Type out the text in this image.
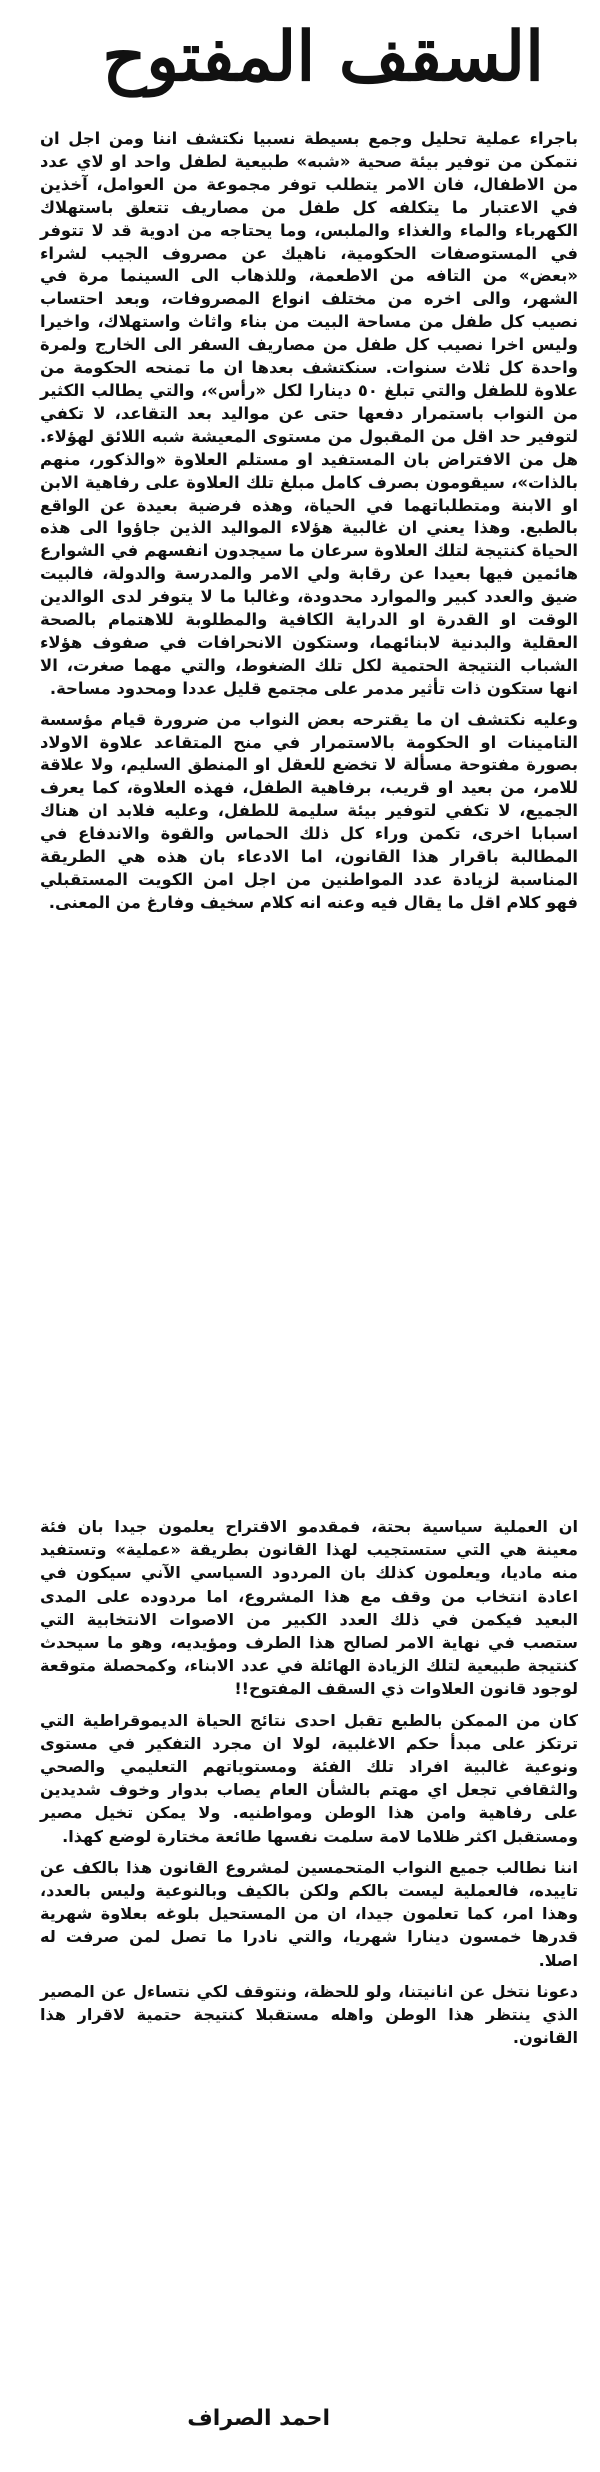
السقف المفتوح

باجراء عملية تحليل وجمع بسيطة نسبيا نكتشف اننا ومن اجل ان نتمكن من توفير بيئة صحية «شبه» طبيعية لطفل واحد او لاي عدد من الاطفال، فان الامر يتطلب توفر مجموعة من العوامل، آخذين في الاعتبار ما يتكلفه كل طفل من مصاريف تتعلق باستهلاك الكهرباء والماء والغذاء والملبس، وما يحتاجه من ادوية قد لا تتوفر في المستوصفات الحكومية، ناهيك عن مصروف الجيب لشراء «بعض» من التافه من الاطعمة، وللذهاب الى السينما مرة في الشهر، والى اخره من مختلف انواع المصروفات، وبعد احتساب نصيب كل طفل من مساحة البيت من بناء واثاث واستهلاك، واخيرا وليس اخرا نصيب كل طفل من مصاريف السفر الى الخارج ولمرة واحدة كل ثلاث سنوات. سنكتشف بعدها ان ما تمنحه الحكومة من علاوة للطفل والتي تبلغ ٥٠ دينارا لكل «رأس»، والتي يطالب الكثير من النواب باستمرار دفعها حتى عن مواليد بعد التقاعد، لا تكفي لتوفير حد اقل من المقبول من مستوى المعيشة شبه اللائق لهؤلاء. هل من الافتراض بان المستفيد او مستلم العلاوة «والذكور، منهم بالذات»، سيقومون بصرف كامل مبلغ تلك العلاوة على رفاهية الابن او الابنة ومتطلباتهما في الحياة، وهذه فرضية بعيدة عن الواقع بالطبع. وهذا يعني ان غالبية هؤلاء المواليد الذين جاؤوا الى هذه الحياة كنتيجة لتلك العلاوة سرعان ما سيجدون انفسهم في الشوارع هائمين فيها بعيدا عن رقابة ولي الامر والمدرسة والدولة، فالبيت ضيق والعدد كبير والموارد محدودة، وغالبا ما لا يتوفر لدى الوالدين الوقت او القدرة او الدراية الكافية والمطلوبة للاهتمام بالصحة العقلية والبدنية لابنائهما، وستكون الانحرافات في صفوف هؤلاء الشباب النتيجة الحتمية لكل تلك الضغوط، والتي مهما صغرت، الا انها ستكون ذات تأثير مدمر على مجتمع قليل عددا ومحدود مساحة.

وعليه نكتشف ان ما يقترحه بعض النواب من ضرورة قيام مؤسسة التامينات او الحكومة بالاستمرار في منح المتقاعد علاوة الاولاد بصورة مفتوحة مسألة لا تخضع للعقل او المنطق السليم، ولا علاقة للامر، من بعيد او قريب، برفاهية الطفل، فهذه العلاوة، كما يعرف الجميع، لا تكفي لتوفير بيئة سليمة للطفل، وعليه فلابد ان هناك اسبابا اخرى، تكمن وراء كل ذلك الحماس والقوة والاندفاع في المطالبة باقرار هذا القانون، اما الادعاء بان هذه هي الطريقة المناسبة لزيادة عدد المواطنين من اجل امن الكويت المستقبلي فهو كلام اقل ما يقال فيه وعنه انه كلام سخيف وفارغ من المعنى.

ان العملية سياسية بحتة، فمقدمو الاقتراح يعلمون جيدا بان فئة معينة هي التي ستستجيب لهذا القانون بطريقة «عملية» وتستفيد منه ماديا، ويعلمون كذلك بان المردود السياسي الآني سيكون في اعادة انتخاب من وقف مع هذا المشروع، اما مردوده على المدى البعيد فيكمن في ذلك العدد الكبير من الاصوات الانتخابية التي ستصب في نهاية الامر لصالح هذا الطرف ومؤيديه، وهو ما سيحدث كنتيجة طبيعية لتلك الزيادة الهائلة في عدد الابناء، وكمحصلة متوقعة لوجود قانون العلاوات ذي السقف المفتوح!!

كان من الممكن بالطبع تقبل احدى نتائج الحياة الديموقراطية التي ترتكز على مبدأ حكم الاغلبية، لولا ان مجرد التفكير في مستوى ونوعية غالبية افراد تلك الفئة ومستوياتهم التعليمي والصحي والثقافي تجعل اي مهتم بالشأن العام يصاب بدوار وخوف شديدين على رفاهية وامن هذا الوطن ومواطنيه. ولا يمكن تخيل مصير ومستقبل اكثر ظلاما لامة سلمت نفسها طائعة مختارة لوضع كهذا.

اننا نطالب جميع النواب المتحمسين لمشروع القانون هذا بالكف عن تاييده، فالعملية ليست بالكم ولكن بالكيف وبالنوعية وليس بالعدد، وهذا امر، كما تعلمون جيدا، ان من المستحيل بلوغه بعلاوة شهرية قدرها خمسون دينارا شهريا، والتي نادرا ما تصل لمن صرفت له اصلا.

دعونا نتخل عن انانيتنا، ولو للحظة، ونتوقف لكي نتساءل عن المصير الذي ينتظر هذا الوطن واهله مستقبلا كنتيجة حتمية لاقرار هذا القانون.

احمد الصراف
